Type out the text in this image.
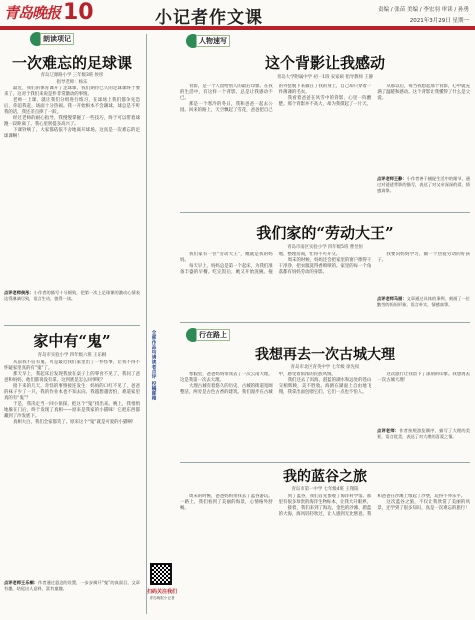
青岛晚报 10	小记者作文课	责编 / 张苗 美编 / 李宏羽 审读 / 孙勇
2021年3月29日 星期一
朗读项记
一次难忘的足球课
青岛辽源路小学 三年级3班 侯彤
指导老师：杨乐

最近，我们的体育课开了足球课，我们期待已久的足球课终于要来了。这对于我们来说是件非常激动的事情。

老师一上课，就让我们分组进行练习，在球场上我们都争先恐后，你追我赶，场面十分热闹。我一开始根本不会踢球，球总是不听我的话，我还差点摔了一跤。

经过老师的耐心指导，我慢慢掌握了一些技巧，终于可以带着球跑一段距离了。我心里别提多高兴了。

下课铃响了，大家都依依不舍地离开球场。这真是一次难忘的足球课啊！

点评老师侯彤：小作者的描写十分细致，把第一次上足球课的激动心情表达得淋漓尽致，语言生动，值得一读。
家中有“鬼”
青岛市实验小学 四年级六班 王乐桐

从前我不信有鬼，可是最近我们家里出了一件怪事，让我不得不怀疑家里真的有“鬼”了。

那天早上，我起床后发现我放在桌子上的零食不见了，我问了爸爸和妈妈，他们都说没有拿。这到底是怎么回事呢？

接下来的几天，奇怪的事情接连发生：妈妈的口红不见了，爸爸的袜子少了一只，我的作业本也不知去向。我越想越害怕，难道家里真的有“鬼”？

于是，我决定当一回小侦探，把这个“鬼”找出来。晚上，我悄悄地躲在门后，终于发现了真相——原来是我家的小猫咪！它把东西都藏到了沙发底下。

真相大白，我们全家都笑了。原来这个“鬼”就是可爱的小猫啊！

点评老师王乐桐：作者通过悬念的设置，一步步揭开“鬼”的真面目，文章有趣，结尾出人意料，富有童趣。
全部作品均请读者点评 投稿邮箱
扫码关注我们
青岛晚报小记者
人物速写
这个背影让我感动
青岛大学附属中学 初一1班 安家硕 指导教师 王静

背影，是一个人留给别人的最后印象。在我的生活中，有这样一个背影，总是让我感动不已。

那是一个寒冷的冬日，我和爸爸一起去公园。回来的路上，天空飘起了雪花，爸爸把自己的外套脱下来披在了我的身上，自己却只穿着一件薄薄的毛衣。

我看着爸爸在风雪中的背影，心里一阵酸楚。那个背影并不高大，却为我撑起了一片天。

从那以后，每当我想起那个背影，心中就充满了温暖和感动。这个背影让我懂得了什么是父爱。

点评老师王静：小作者善于捕捉生活中的细节，通过对爸爸背影的描写，表达了对父亲深深的爱，情感真挚。
我们家的“劳动大王”
青岛市南区实验小学 四年级5班 曹昱恒

我们家有一位“劳动大王”，她就是我的妈妈。

每天早上，妈妈总是第一个起床，为我们准备丰盛的早餐。吃完饭后，她又开始洗碗、拖地、整理房间，忙得不可开交。

周末的时候，妈妈还会把家里的窗户擦得干干净净，把衣服洗得香喷喷的。家里的每一个角落都有妈妈劳动的身影。

我要向妈妈学习，做一个热爱劳动的好孩子。

点评老师马丽：文章通过具体的事例，刻画了一位勤劳的妈妈形象，语言朴实，情感真挚。
行在路上
我想再去一次古城大理
青岛市北区育英中学 七年级 徐先权

寒假里，爸爸妈妈带我去了一次云南大理，这是我第一次去大理。

大理古城有着悠久的历史，古城的街道宽阔整洁，两旁是古色古香的建筑。我们漫步在古城中，感受着浓浓的民族风情。

我们还去了洱海，湛蓝的湖水和远处的苍山交相辉映，美不胜收。海鸥在湖面上自由地飞翔，我拿出面包喂它们，它们一点也不怕人。

这次旅行让我留下了深刻的印象。我想再去一次古城大理！

点评老师：作者按照游览顺序，描写了大理的美景，语言优美，表达了对大理的喜爱之情。
我的蓝谷之旅
青岛市第一中学 七年级4班 王翔阳

周末的时候，爸爸妈妈带我去了蓝谷游玩。一路上，我们看到了美丽的海景，心情格外舒畅。

到了蓝谷，我们首先参观了海洋科学馆。那里有很多珍贵的海洋生物标本，让我大开眼界。

接着，我们来到了海边。金色的沙滩、蔚蓝的大海，海风轻轻吹过，让人感到无比惬意。我和爸爸在沙滩上堆起了沙堡，玩得不亦乐乎。

这次蓝谷之旅，不仅让我欣赏了美丽的风景，还学到了很多知识，真是一次难忘的旅行！
